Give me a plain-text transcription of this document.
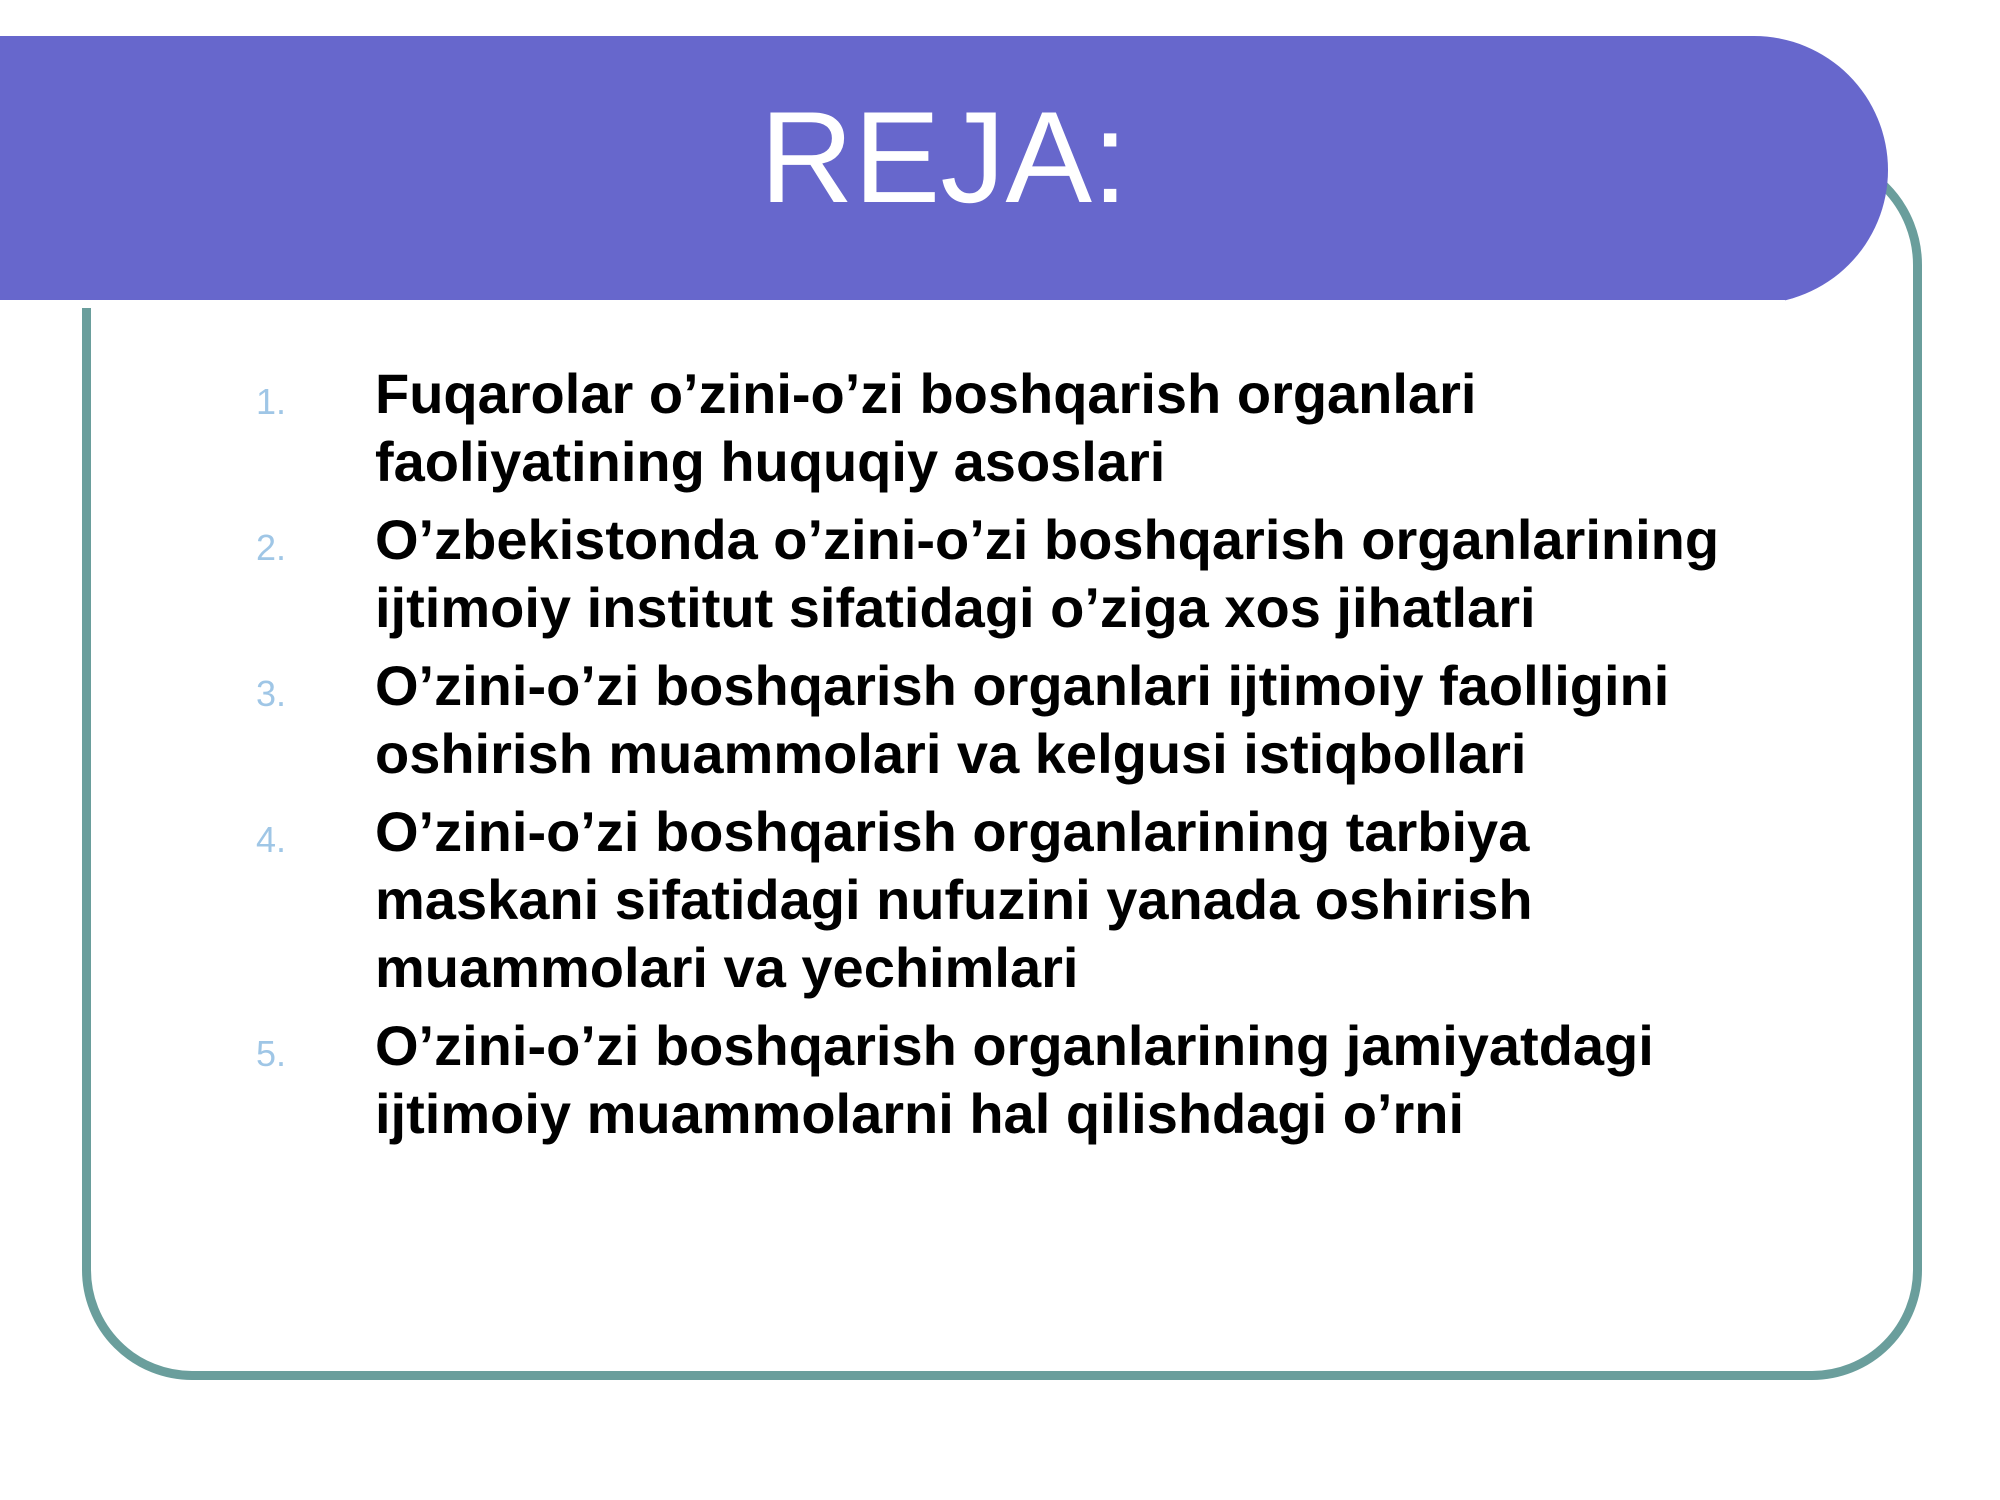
REJA:
1. Fuqarolar o’zini-o’zi boshqarish organlari
faoliyatining huquqiy asoslari
2. O’zbekistonda o’zini-o’zi boshqarish organlarining
ijtimoiy institut sifatidagi o’ziga xos jihatlari
3. O’zini-o’zi boshqarish organlari ijtimoiy faolligini
oshirish muammolari va kelgusi istiqbollari
4. O’zini-o’zi boshqarish organlarining tarbiya
maskani sifatidagi nufuzini yanada oshirish
muammolari va yechimlari
5. O’zini-o’zi boshqarish organlarining jamiyatdagi
ijtimoiy muammolarni hal qilishdagi o’rni
